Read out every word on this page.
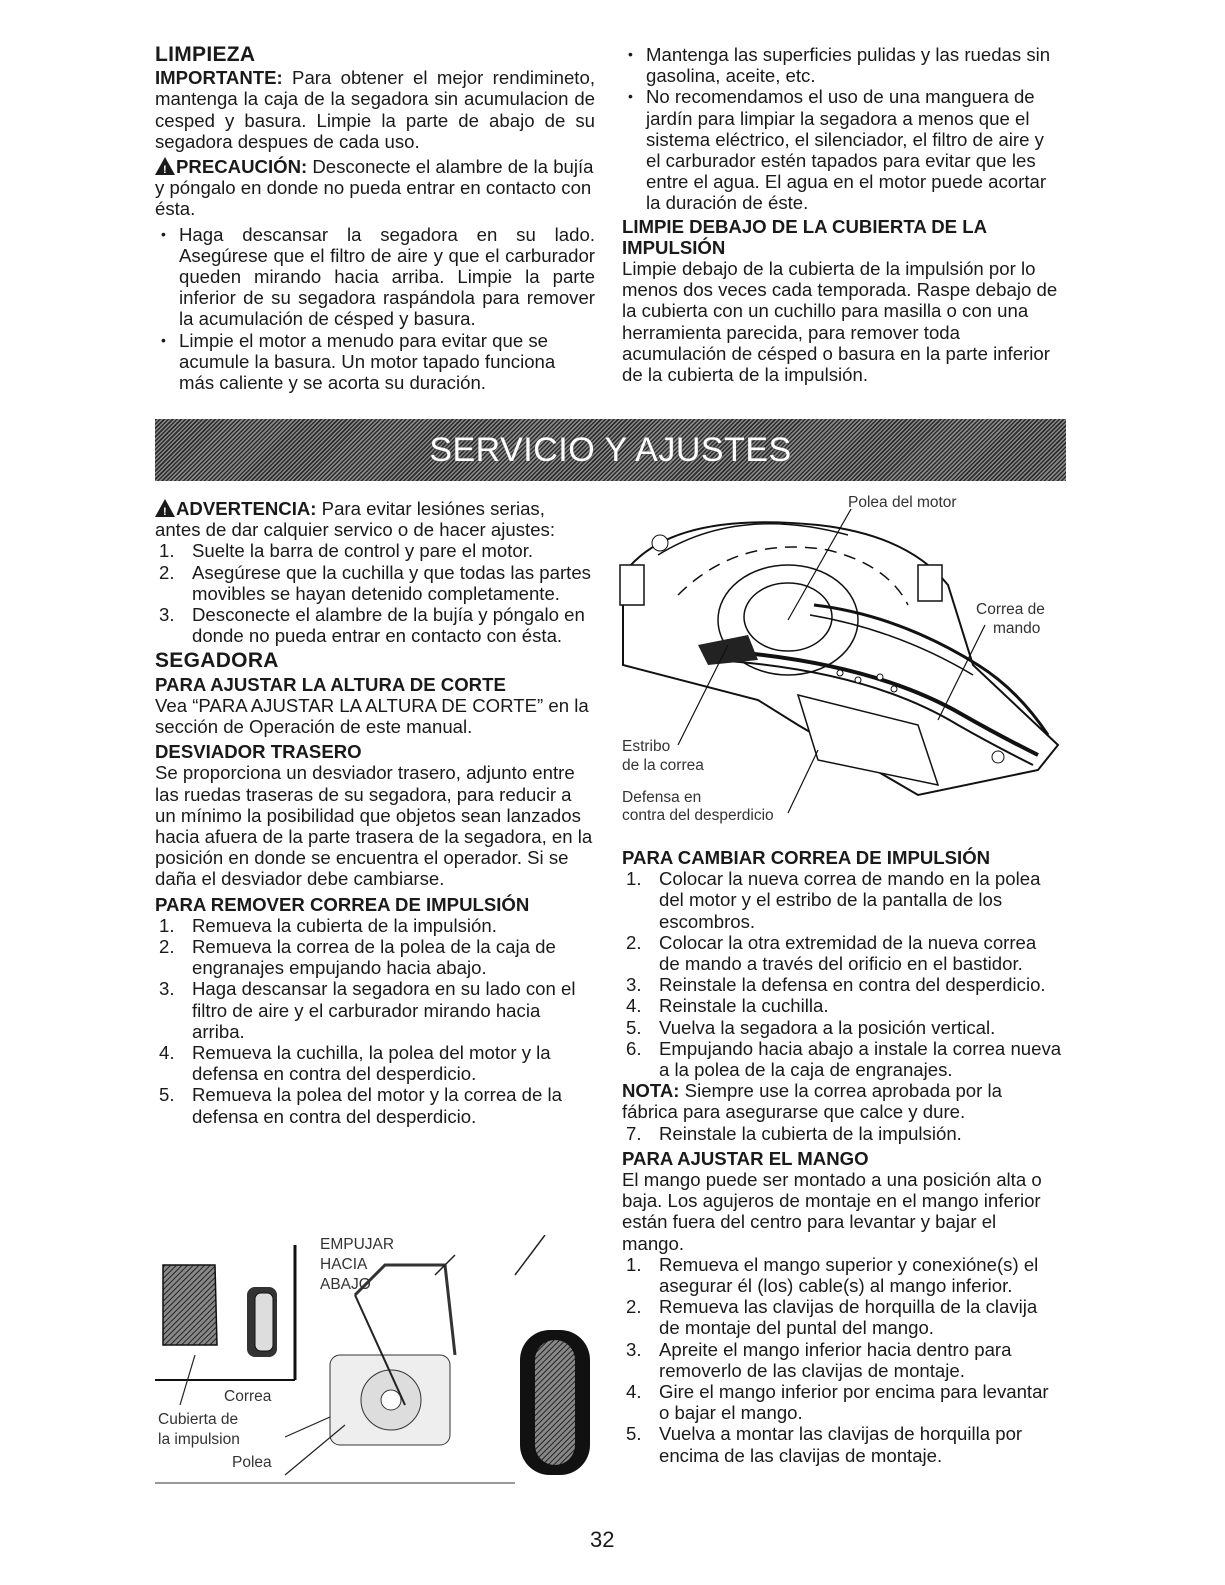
LIMPIEZA

IMPORTANTE: Para obtener el mejor rendimineto, mantenga la caja de la segadora sin acumulacion de cesped y basura. Limpie la parte de abajo de su segadora despues de cada uso.

!PRECAUCIÓN: Desconecte el alambre de la bujía y póngalo en donde no pueda entrar en contacto con ésta.

• Haga descansar la segadora en su lado. Asegúrese que el filtro de aire y que el carburador queden mirando hacia arriba. Limpie la parte inferior de su segadora raspándola para remover la acumulación de césped y basura.
• Limpie el motor a menudo para evitar que se acumule la basura. Un motor tapado funciona más caliente y se acorta su duración.
• Mantenga las superficies pulidas y las ruedas sin gasolina, aceite, etc.
• No recomendamos el uso de una manguera de jardín para limpiar la segadora a menos que el sistema eléctrico, el silenciador, el filtro de aire y el carburador estén tapados para evitar que les entre el agua. El agua en el motor puede acortar la duración de éste.
LIMPIE DEBAJO DE LA CUBIERTA DE LA IMPULSIÓN

Limpie debajo de la cubierta de la impulsión por lo menos dos veces cada temporada. Raspe debajo de la cubierta con un cuchillo para masilla o con una herramienta parecida, para remover toda acumulación de césped o basura en la parte inferior de la cubierta de la impulsión.

SERVICIO Y AJUSTES

!ADVERTENCIA: Para evitar lesiónes serias, antes de dar calquier servico o de hacer ajustes:

1. Suelte la barra de control y pare el motor.
2. Asegúrese que la cuchilla y que todas las partes movibles se hayan detenido completamente.
3. Desconecte el alambre de la bujía y póngalo en donde no pueda entrar en contacto con ésta.
SEGADORA
PARA AJUSTAR LA ALTURA DE CORTE

Vea “PARA AJUSTAR LA ALTURA DE CORTE” en la sección de Operación de este manual.

DESVIADOR TRASERO

Se proporciona un desviador trasero, adjunto entre las ruedas traseras de su segadora, para reducir a un mínimo la posibilidad que objetos sean lanzados hacia afuera de la parte trasera de la segadora, en la posición en donde se encuentra el operador. Si se daña el desviador debe cambiarse.

PARA REMOVER CORREA DE IMPULSIÓN
1. Remueva la cubierta de la impulsión.
2. Remueva la correa de la polea de la caja de engranajes empujando hacia abajo.
3. Haga descansar la segadora en su lado con el filtro de aire y el carburador mirando hacia arriba.
4. Remueva la cuchilla, la polea del motor y la defensa en contra del desperdicio.
5. Remueva la polea del motor y la correa de la defensa en contra del desperdicio.
EMPUJAR
HACIA
ABAJO
Correa
Cubierta de
la impulsion
Polea
Polea del motor
Correa de
mando
Estribo
de la correa
Defensa en
contra del desperdicio
PARA CAMBIAR CORREA DE IMPULSIÓN
1. Colocar la nueva correa de mando en la polea del motor y el estribo de la pantalla de los escombros.
2. Colocar la otra extremidad de la nueva correa de mando a través del orificio en el bastidor.
3. Reinstale la defensa en contra del desperdicio.
4. Reinstale la cuchilla.
5. Vuelva la segadora a la posición vertical.
6. Empujando hacia abajo a instale la correa nueva a la polea de la caja de engranajes.

NOTA: Siempre use la correa aprobada por la fábrica para asegurarse que calce y dure.

7. Reinstale la cubierta de la impulsión.
PARA AJUSTAR EL MANGO

El mango puede ser montado a una posición alta o baja. Los agujeros de montaje en el mango inferior están fuera del centro para levantar y bajar el mango.

1. Remueva el mango superior y conexióne(s) el asegurar él (los) cable(s) al mango inferior.
2. Remueva las clavijas de horquilla de la clavija de montaje del puntal del mango.
3. Apreite el mango inferior hacia dentro para removerlo de las clavijas de montaje.
4. Gire el mango inferior por encima para levantar o bajar el mango.
5. Vuelva a montar las clavijas de horquilla por encima de las clavijas de montaje.
32
